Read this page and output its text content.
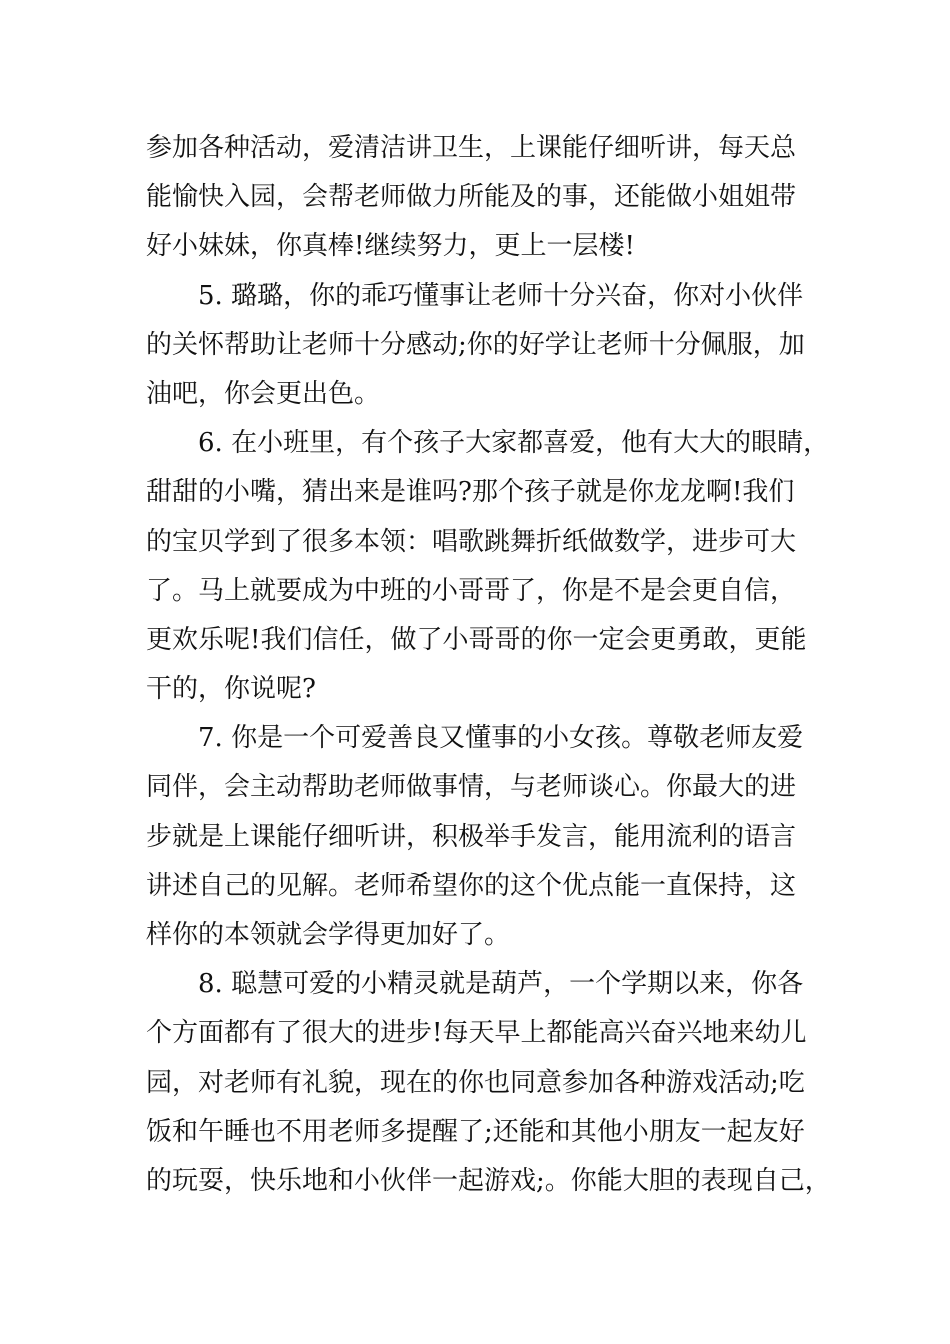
参加各种活动，爱清洁讲卫生，上课能仔细听讲，每天总
能愉快入园，会帮老师做力所能及的事，还能做小姐姐带
好小妹妹，你真棒!继续努力，更上一层楼!
5. 璐璐，你的乖巧懂事让老师十分兴奋，你对小伙伴
的关怀帮助让老师十分感动;你的好学让老师十分佩服，加
油吧，你会更出色。
6. 在小班里，有个孩子大家都喜爱，他有大大的眼睛，
甜甜的小嘴，猜出来是谁吗?那个孩子就是你龙龙啊!我们
的宝贝学到了很多本领：唱歌跳舞折纸做数学，进步可大
了。马上就要成为中班的小哥哥了，你是不是会更自信，
更欢乐呢!我们信任，做了小哥哥的你一定会更勇敢，更能
干的，你说呢?
7. 你是一个可爱善良又懂事的小女孩。尊敬老师友爱
同伴，会主动帮助老师做事情，与老师谈心。你最大的进
步就是上课能仔细听讲，积极举手发言，能用流利的语言
讲述自己的见解。老师希望你的这个优点能一直保持，这
样你的本领就会学得更加好了。
8. 聪慧可爱的小精灵就是葫芦，一个学期以来，你各
个方面都有了很大的进步!每天早上都能高兴奋兴地来幼儿
园，对老师有礼貌，现在的你也同意参加各种游戏活动;吃
饭和午睡也不用老师多提醒了;还能和其他小朋友一起友好
的玩耍，快乐地和小伙伴一起游戏;。你能大胆的表现自己，
